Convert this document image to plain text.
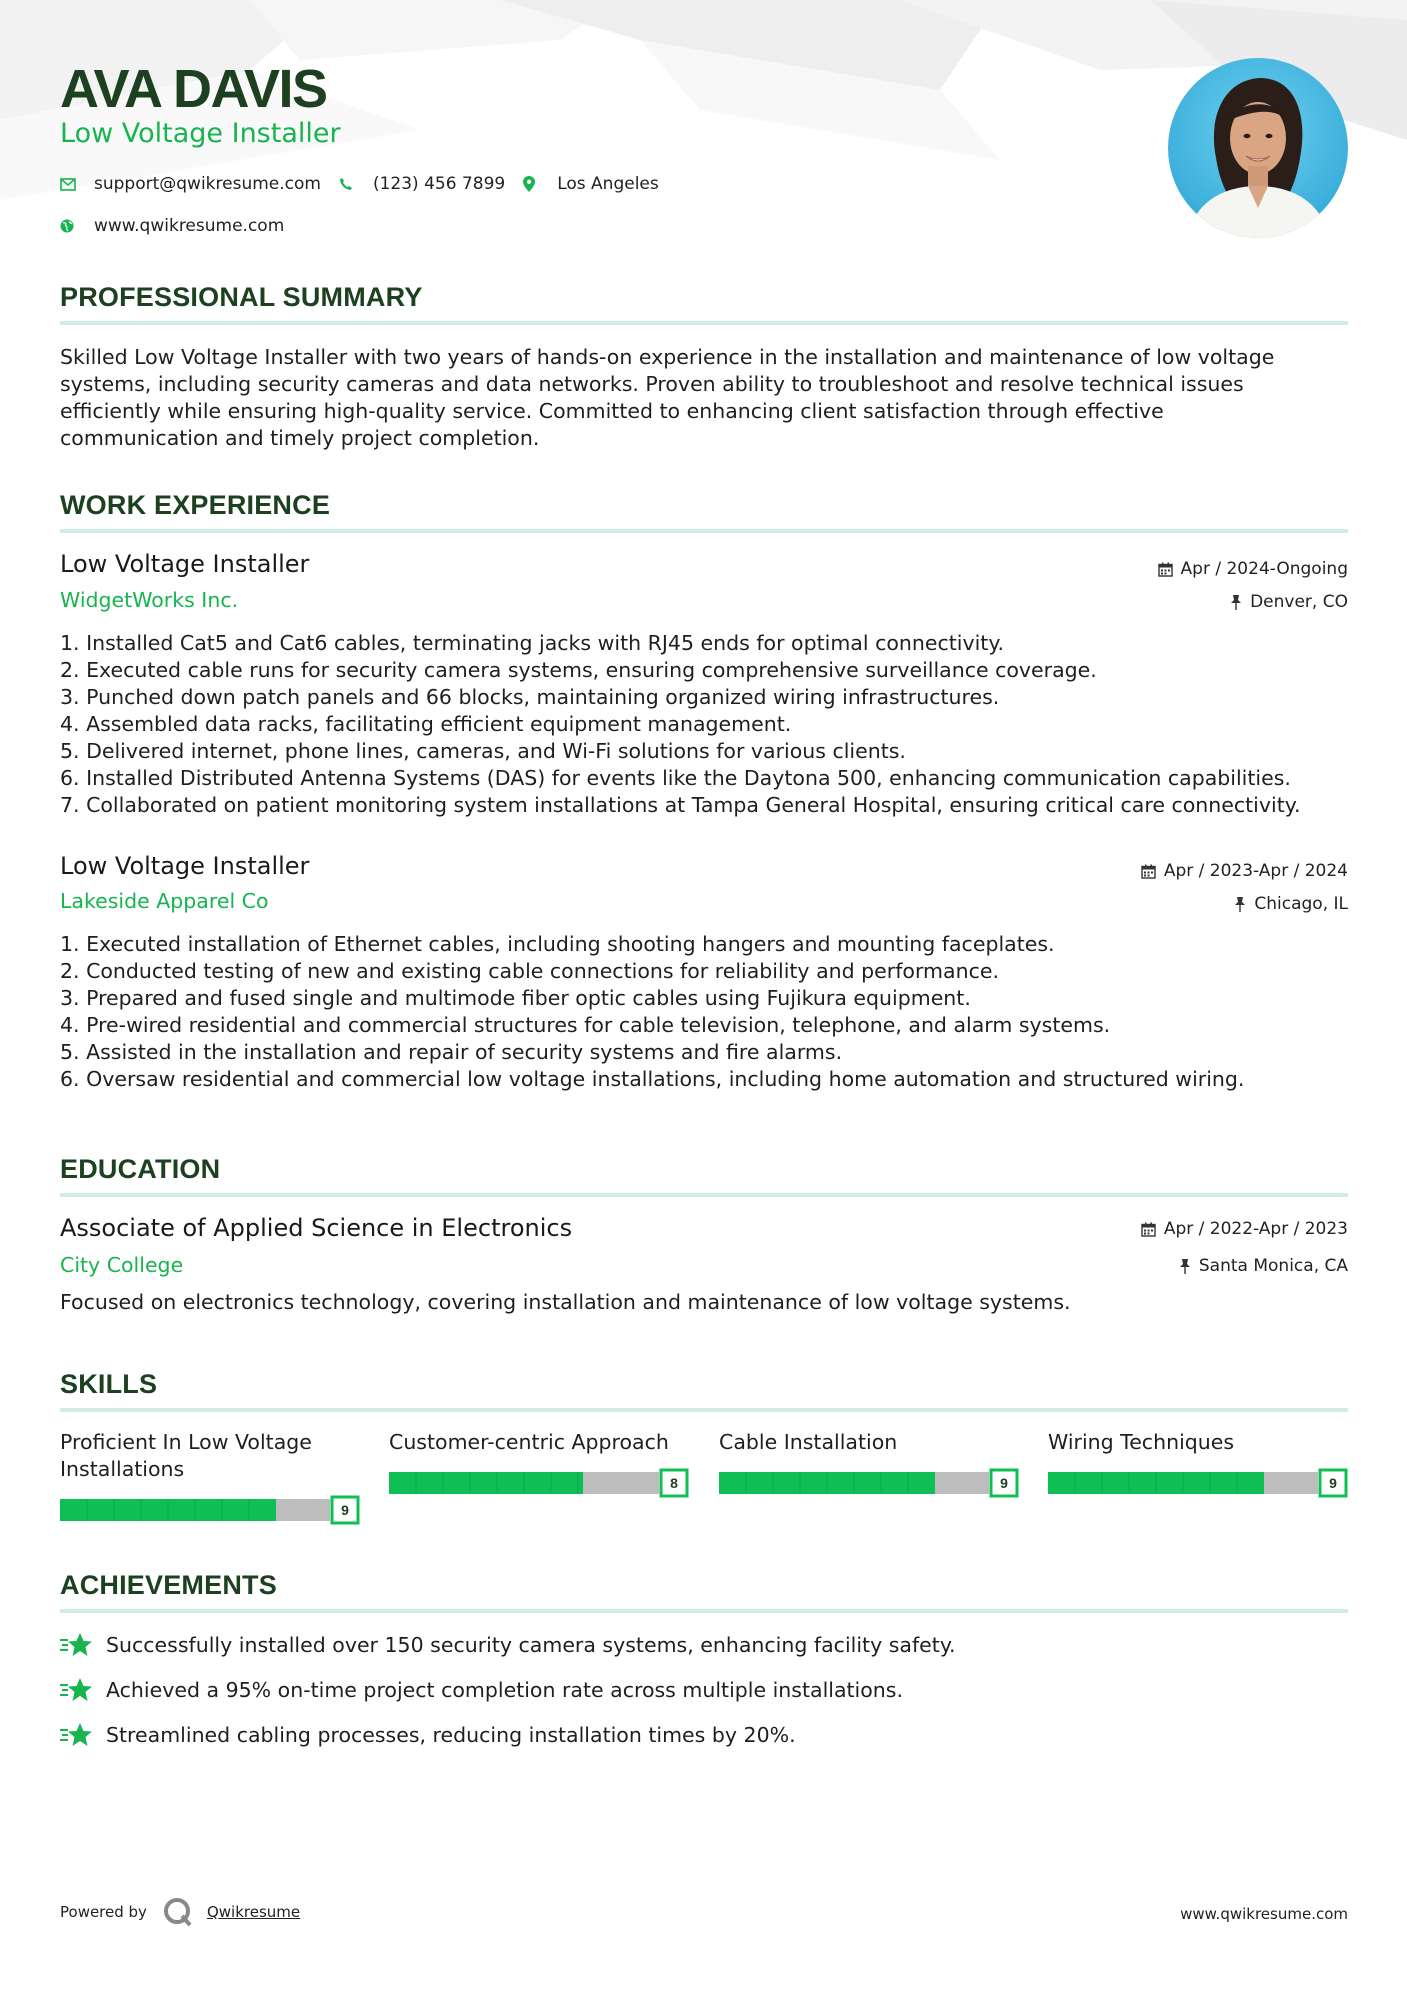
AVA DAVIS
Low Voltage Installer
support@qwikresume.com	(123) 456 7899	Los Angeles
www.qwikresume.com
PROFESSIONAL SUMMARY
Skilled Low Voltage Installer with two years of hands-on experience in the installation and maintenance of low voltage
systems, including security cameras and data networks. Proven ability to troubleshoot and resolve technical issues
efficiently while ensuring high-quality service. Committed to enhancing client satisfaction through effective
communication and timely project completion.
WORK EXPERIENCE
Low Voltage Installer
WidgetWorks Inc.
Apr / 2024-Ongoing
Denver, CO
1. Installed Cat5 and Cat6 cables, terminating jacks with RJ45 ends for optimal connectivity.
2. Executed cable runs for security camera systems, ensuring comprehensive surveillance coverage.
3. Punched down patch panels and 66 blocks, maintaining organized wiring infrastructures.
4. Assembled data racks, facilitating efficient equipment management.
5. Delivered internet, phone lines, cameras, and Wi-Fi solutions for various clients.
6. Installed Distributed Antenna Systems (DAS) for events like the Daytona 500, enhancing communication capabilities.
7. Collaborated on patient monitoring system installations at Tampa General Hospital, ensuring critical care connectivity.
Low Voltage Installer
Lakeside Apparel Co
Apr / 2023-Apr / 2024
Chicago, IL
1. Executed installation of Ethernet cables, including shooting hangers and mounting faceplates.
2. Conducted testing of new and existing cable connections for reliability and performance.
3. Prepared and fused single and multimode fiber optic cables using Fujikura equipment.
4. Pre-wired residential and commercial structures for cable television, telephone, and alarm systems.
5. Assisted in the installation and repair of security systems and fire alarms.
6. Oversaw residential and commercial low voltage installations, including home automation and structured wiring.
EDUCATION
Associate of Applied Science in Electronics
City College
Apr / 2022-Apr / 2023
Santa Monica, CA
Focused on electronics technology, covering installation and maintenance of low voltage systems.
SKILLS
Proficient In Low Voltage
Installations
9
Customer-centric Approach
8
Cable Installation
9
Wiring Techniques
9
ACHIEVEMENTS
Successfully installed over 150 security camera systems, enhancing facility safety.
Achieved a 95% on-time project completion rate across multiple installations.
Streamlined cabling processes, reducing installation times by 20%.
Powered by	Qwikresume	www.qwikresume.com
